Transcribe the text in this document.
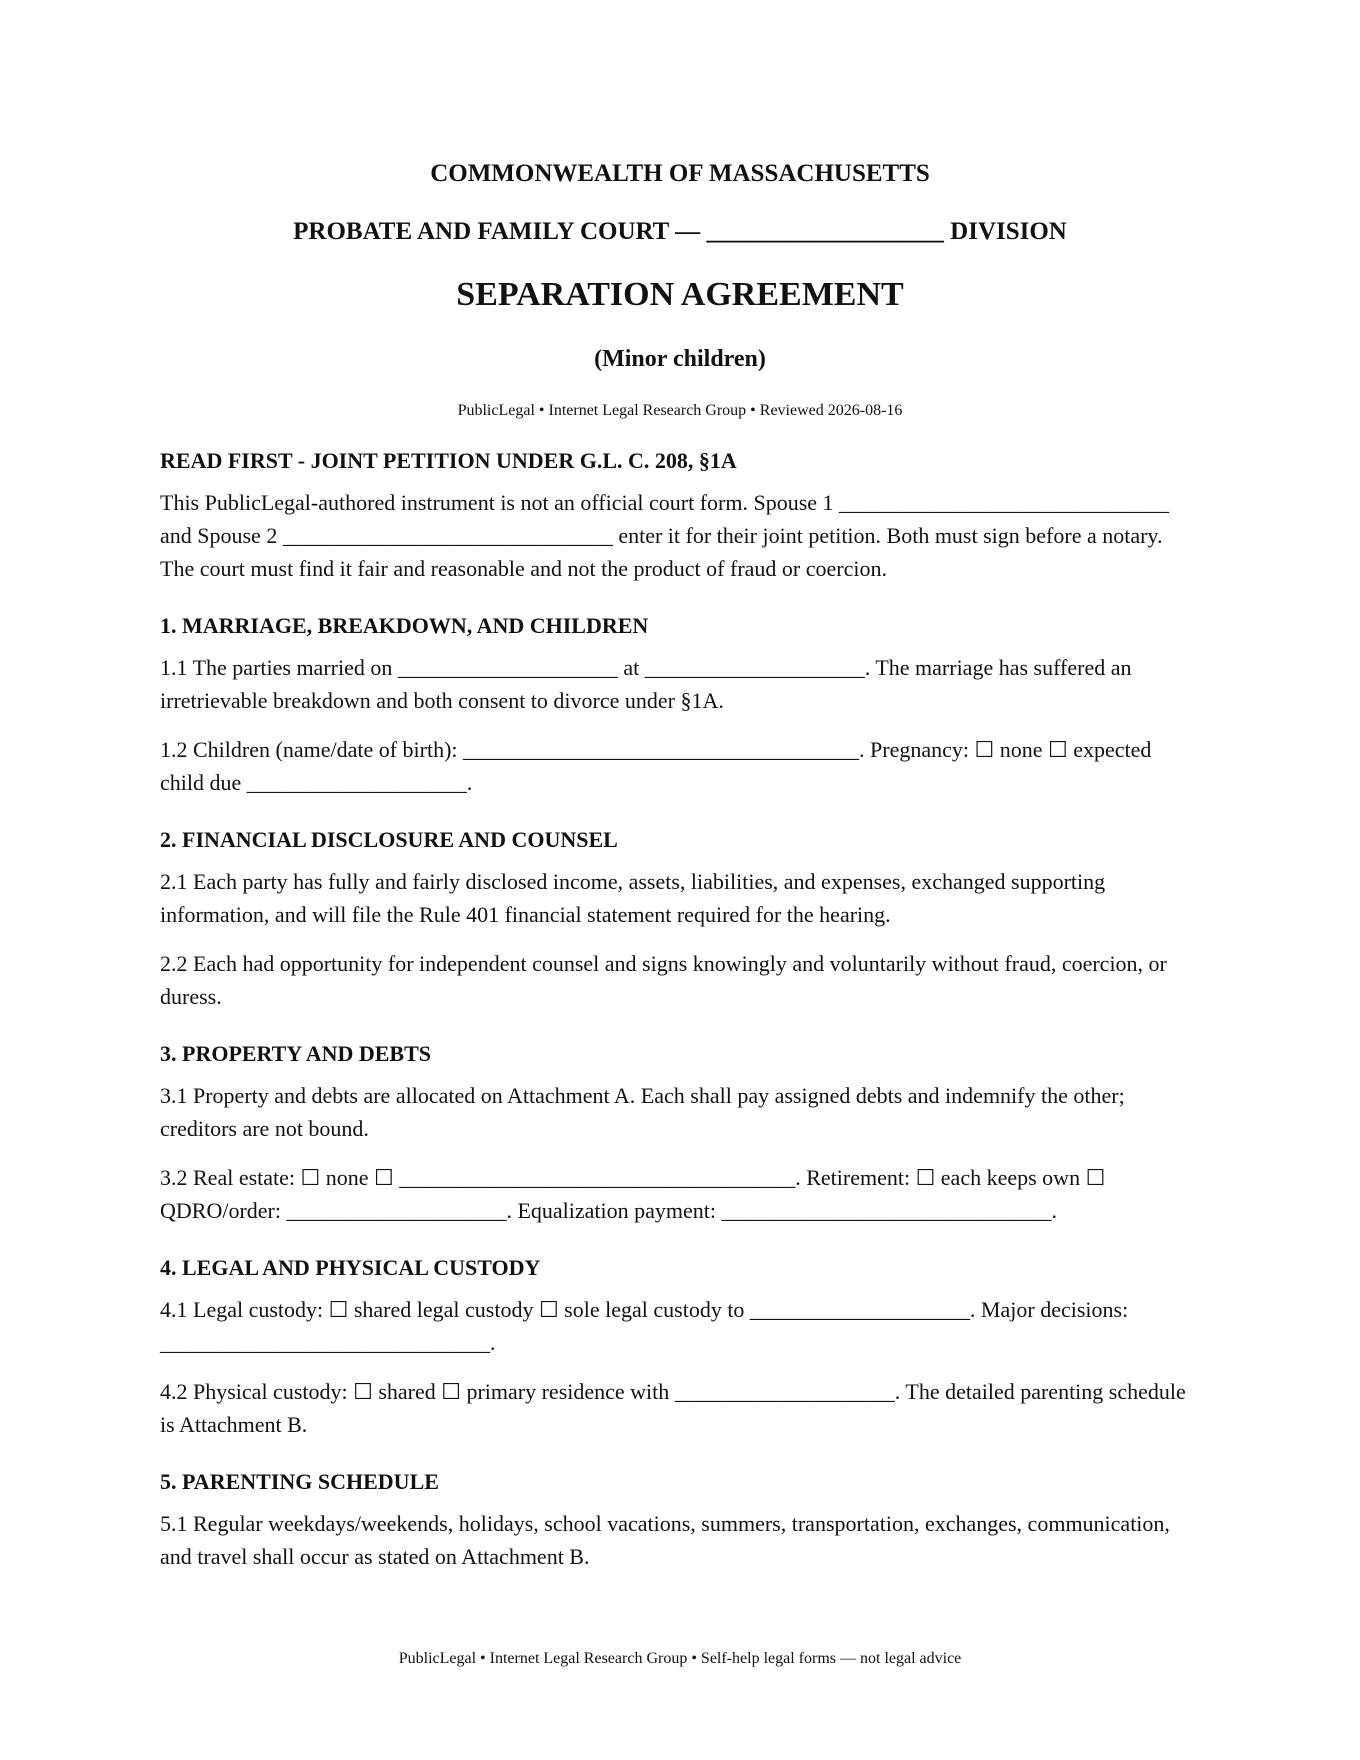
COMMONWEALTH OF MASSACHUSETTS
PROBATE AND FAMILY COURT — ___________________ DIVISION
SEPARATION AGREEMENT
(Minor children)
PublicLegal • Internet Legal Research Group • Reviewed 2026-08-16
READ FIRST - JOINT PETITION UNDER G.L. C. 208, §1A
This PublicLegal-authored instrument is not an official court form. Spouse 1 ______________________________ and Spouse 2 ______________________________ enter it for their joint petition. Both must sign before a notary. The court must find it fair and reasonable and not the product of fraud or coercion.
1. MARRIAGE, BREAKDOWN, AND CHILDREN
1.1 The parties married on ____________________ at ____________________. The marriage has suffered an irretrievable breakdown and both consent to divorce under §1A.
1.2 Children (name/date of birth): ____________________________________. Pregnancy: ☐ none ☐ expected child due ____________________.
2. FINANCIAL DISCLOSURE AND COUNSEL
2.1 Each party has fully and fairly disclosed income, assets, liabilities, and expenses, exchanged supporting information, and will file the Rule 401 financial statement required for the hearing.
2.2 Each had opportunity for independent counsel and signs knowingly and voluntarily without fraud, coercion, or duress.
3. PROPERTY AND DEBTS
3.1 Property and debts are allocated on Attachment A. Each shall pay assigned debts and indemnify the other; creditors are not bound.
3.2 Real estate: ☐ none ☐ ____________________________________. Retirement: ☐ each keeps own ☐ QDRO/order: ____________________. Equalization payment: ______________________________.
4. LEGAL AND PHYSICAL CUSTODY
4.1 Legal custody: ☐ shared legal custody ☐ sole legal custody to ____________________. Major decisions: ______________________________.
4.2 Physical custody: ☐ shared ☐ primary residence with ____________________. The detailed parenting schedule is Attachment B.
5. PARENTING SCHEDULE
5.1 Regular weekdays/weekends, holidays, school vacations, summers, transportation, exchanges, communication, and travel shall occur as stated on Attachment B.
PublicLegal • Internet Legal Research Group • Self-help legal forms — not legal advice
